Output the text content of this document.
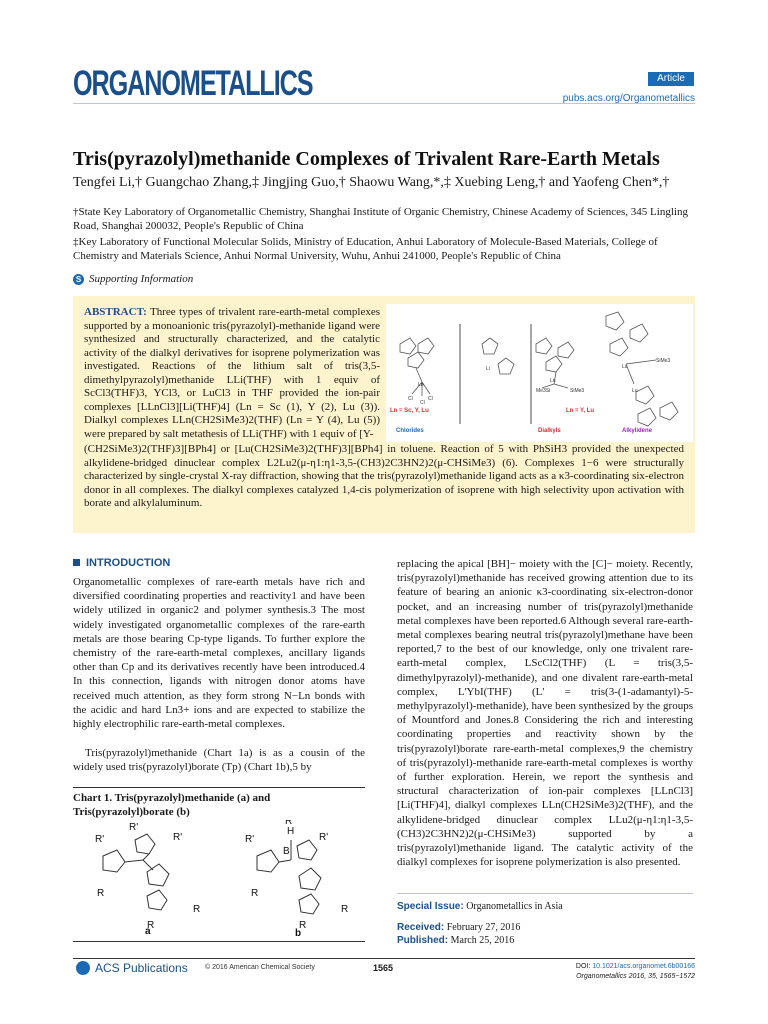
ORGANOMETALLICS	Article
pubs.acs.org/Organometallics
Tris(pyrazolyl)methanide Complexes of Trivalent Rare-Earth Metals
Tengfei Li,† Guangchao Zhang,‡ Jingjing Guo,† Shaowu Wang,*,‡ Xuebing Leng,† and Yaofeng Chen*,†
†State Key Laboratory of Organometallic Chemistry, Shanghai Institute of Organic Chemistry, Chinese Academy of Sciences, 345 Lingling Road, Shanghai 200032, People's Republic of China
‡Key Laboratory of Functional Molecular Solids, Ministry of Education, Anhui Laboratory of Molecule-Based Materials, College of Chemistry and Materials Science, Anhui Normal University, Wuhu, Anhui 241000, People's Republic of China
S Supporting Information
ABSTRACT: Three types of trivalent rare-earth-metal complexes supported by a monoanionic tris(pyrazolyl)-methanide ligand were synthesized and structurally characterized, and the catalytic activity of the dialkyl derivatives for isoprene polymerization was investigated. Reactions of the lithium salt of tris(3,5-dimethylpyrazolyl)methanide LLi(THF) with 1 equiv of ScCl3(THF)3, YCl3, or LuCl3 in THF provided the ion-pair complexes [LLnCl3][Li(THF)4] (Ln = Sc (1), Y (2), Lu (3)). Dialkyl complexes LLn(CH2SiMe3)2(THF) (Ln = Y (4), Lu (5)) were prepared by salt metathesis of LLi(THF) with 1 equiv of [Y-
(CH2SiMe3)2(THF)3][BPh4] or [Lu(CH2SiMe3)2(THF)3][BPh4] in toluene. Reaction of 5 with PhSiH3 provided the unexpected alkylidene-bridged dinuclear complex L2Lu2(μ-η1:η1-3,5-(CH3)2C3HN2)2(μ-CHSiMe3) (6). Complexes 1−6 were structurally characterized by single-crystal X-ray diffraction, showing that the tris(pyrazolyl)methanide ligand acts as a κ3-coordinating six-electron donor in all complexes. The dialkyl complexes catalyzed 1,4-cis polymerization of isoprene with high selectivity upon activation with borate and alkylaluminum.
Ln
Li
Ln
Lu
Lu
SiMe3
Me3Si	SiMe3
Cl	Cl
Cl
Ln = Sc, Y, Lu	Ln = Y, Lu
Chlorides	Dialkyls	Alkylidene
INTRODUCTION
Organometallic complexes of rare-earth metals have rich and diversified coordinating properties and reactivity1 and have been widely utilized in organic2 and polymer synthesis.3 The most widely investigated organometallic complexes of the rare-earth metals are those bearing Cp-type ligands. To further explore the chemistry of the rare-earth-metal complexes, ancillary ligands other than Cp and its derivatives recently have been introduced.4 In this connection, ligands with nitrogen donor atoms have received much attention, as they form strong N−Ln bonds with the acidic and hard Ln3+ ions and are expected to stabilize the highly electrophilic rare-earth-metal complexes.
Tris(pyrazolyl)methanide (Chart 1a) is as a cousin of the widely used tris(pyrazolyl)borate (Tp) (Chart 1b),5 by
Chart 1. Tris(pyrazolyl)methanide (a) and Tris(pyrazolyl)borate (b)
R'
R'
R'
R
R
R
a
H
B
R'
R'
R'
R
R
R
b
replacing the apical [BH]− moiety with the [C]− moiety. Recently, tris(pyrazolyl)methanide has received growing attention due to its feature of bearing an anionic κ3-coordinating six-electron-donor pocket, and an increasing number of tris(pyrazolyl)methanide metal complexes have been reported.6 Although several rare-earth-metal complexes bearing neutral tris(pyrazolyl)methane have been reported,7 to the best of our knowledge, only one trivalent rare-earth-metal complex, LScCl2(THF) (L = tris(3,5-dimethylpyrazolyl)-methanide), and one divalent rare-earth-metal complex, L'YbI(THF) (L' = tris(3-(1-adamantyl)-5-methylpyrazolyl)-methanide), have been synthesized by the groups of Mountford and Jones.8 Considering the rich and interesting coordinating properties and reactivity shown by the tris(pyrazolyl)borate rare-earth-metal complexes,9 the chemistry of tris(pyrazolyl)-methanide rare-earth-metal complexes is worthy of further exploration. Herein, we report the synthesis and structural characterization of ion-pair complexes [LLnCl3][Li(THF)4], dialkyl complexes LLn(CH2SiMe3)2(THF), and the alkylidene-bridged dinuclear complex LLu2(μ-η1:η1-3,5-(CH3)2C3HN2)2(μ-CHSiMe3) supported by a tris(pyrazolyl)methanide ligand. The catalytic activity of the dialkyl complexes for isoprene polymerization is also presented.
Special Issue: Organometallics in Asia
Received: February 27, 2016
Published: March 25, 2016
ACS Publications © 2016 American Chemical Society	1565	DOI: 10.1021/acs.organomet.6b00166
Organometallics 2016, 35, 1565−1572
